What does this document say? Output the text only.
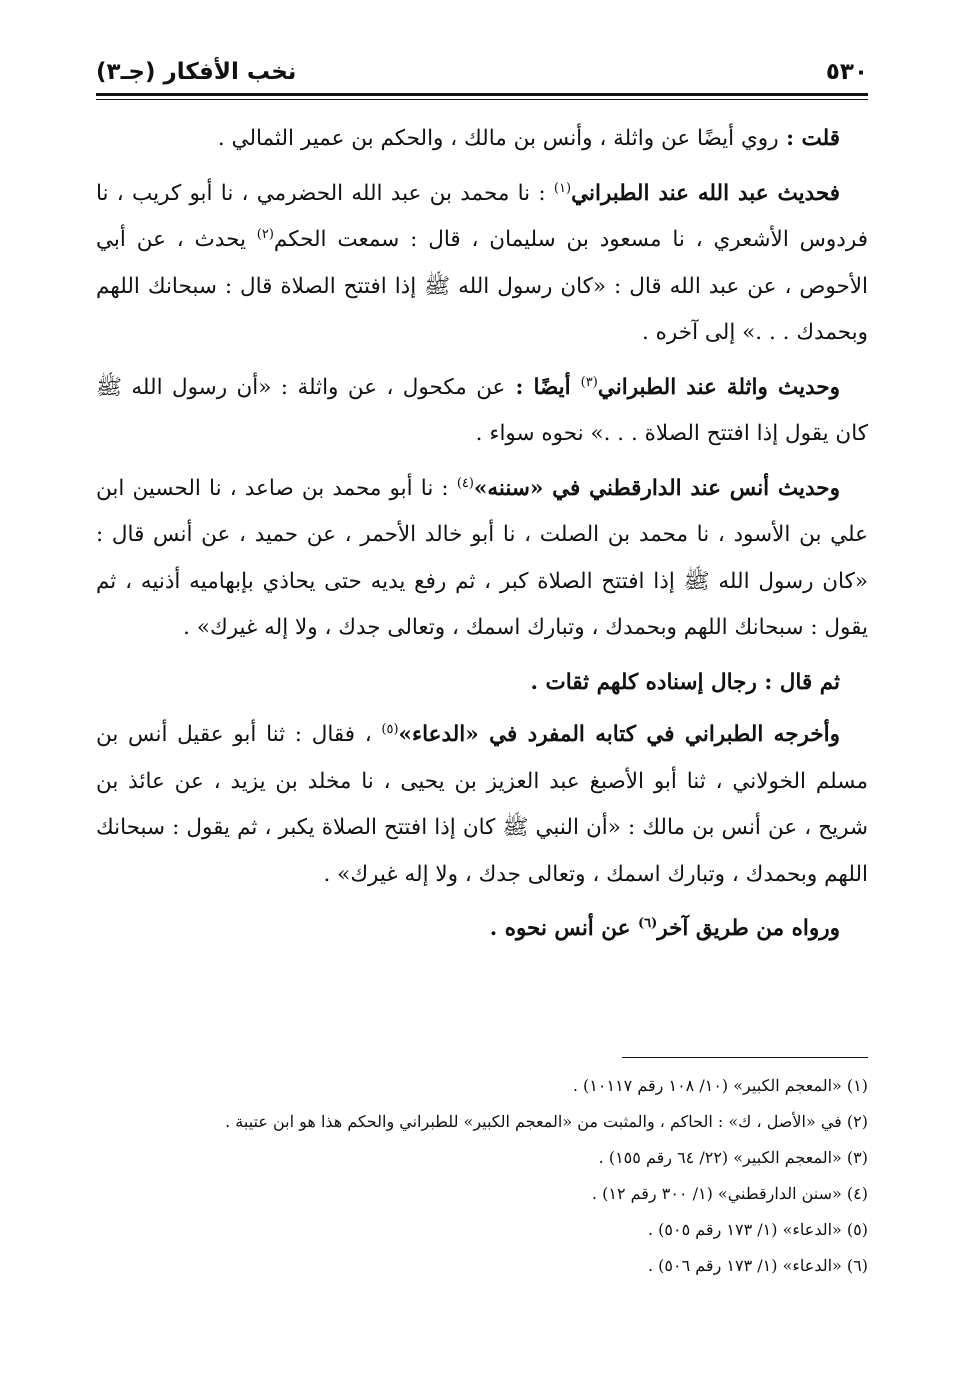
٥٣٠
نخب الأفكار (جـ٣)

قلت : روي أيضًا عن واثلة ، وأنس بن مالك ، والحكم بن عمير الثمالي .

فحديث عبد الله عند الطبراني$^{(١)}$ : نا محمد بن عبد الله الحضرمي ، نا أبو كريب ، نا فردوس الأشعري ، نا مسعود بن سليمان ، قال : سمعت الحكم$^{(٢)}$ يحدث ، عن أبي الأحوص ، عن عبد الله قال : «كان رسول الله ﷺ إذا افتتح الصلاة قال : سبحانك اللهم وبحمدك . . .» إلى آخره .

وحديث واثلة عند الطبراني$^{(٣)}$ أيضًا : عن مكحول ، عن واثلة : «أن رسول الله ﷺ كان يقول إذا افتتح الصلاة . . .» نحوه سواء .

وحديث أنس عند الدارقطني في «سننه»$^{(٤)}$ : نا أبو محمد بن صاعد ، نا الحسين ابن علي بن الأسود ، نا محمد بن الصلت ، نا أبو خالد الأحمر ، عن حميد ، عن أنس قال : «كان رسول الله ﷺ إذا افتتح الصلاة كبر ، ثم رفع يديه حتى يحاذي بإبهاميه أذنيه ، ثم يقول : سبحانك اللهم وبحمدك ، وتبارك اسمك ، وتعالى جدك ، ولا إله غيرك» .

ثم قال : رجال إسناده كلهم ثقات .

وأخرجه الطبراني في كتابه المفرد في «الدعاء»$^{(٥)}$ ، فقال : ثنا أبو عقيل أنس بن مسلم الخولاني ، ثنا أبو الأصبغ عبد العزيز بن يحيى ، نا مخلد بن يزيد ، عن عائذ بن شريح ، عن أنس بن مالك : «أن النبي ﷺ كان إذا افتتح الصلاة يكبر ، ثم يقول : سبحانك اللهم وبحمدك ، وتبارك اسمك ، وتعالى جدك ، ولا إله غيرك» .

ورواه من طريق آخر$^{(٦)}$ عن أنس نحوه .

(١) «المعجم الكبير» (١٠/ ١٠٨ رقم ١٠١١٧) .

(٢) في «الأصل ، ك» : الحاكم ، والمثبت من «المعجم الكبير» للطبراني والحكم هذا هو ابن عتيبة .

(٣) «المعجم الكبير» (٢٢/ ٦٤ رقم ١٥٥) .

(٤) «سنن الدارقطني» (١/ ٣٠٠ رقم ١٢) .

(٥) «الدعاء» (١/ ١٧٣ رقم ٥٠٥) .

(٦) «الدعاء» (١/ ١٧٣ رقم ٥٠٦) .
